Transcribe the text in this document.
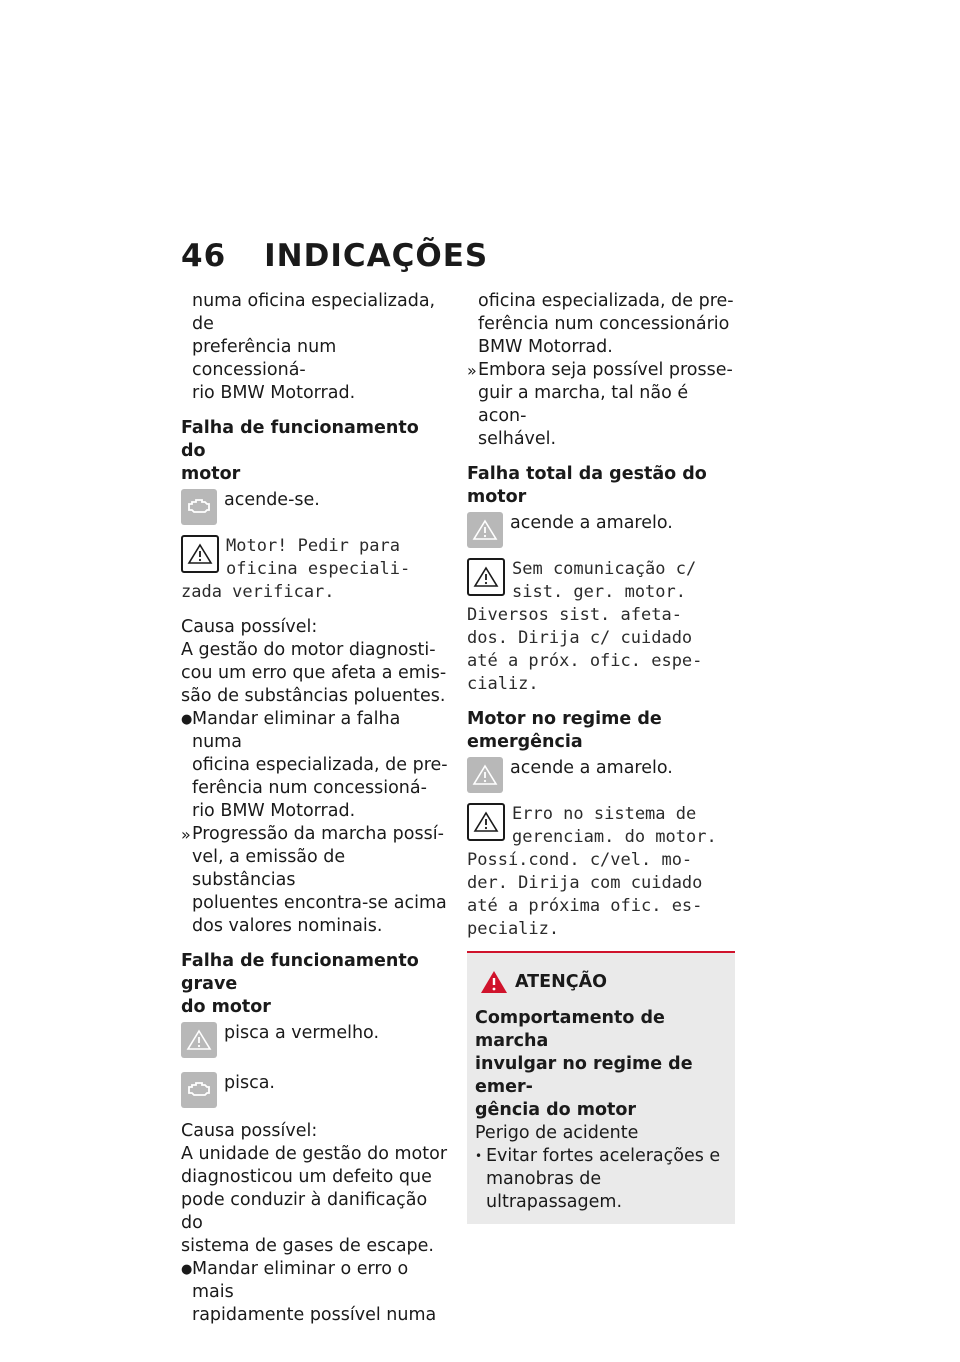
46 INDICAÇÕES

numa oficina especializada, de

preferência num concessioná-

rio BMW Motorrad.

Falha de funcionamento do
motor
acende-se.
Motor! Pedir para
oficina especiali-
zada verificar.

Causa possível:

A gestão do motor diagnosti-

cou um erro que afeta a emis-

são de substâncias poluentes.

● Mandar eliminar a falha numa
oficina especializada, de pre-
ferência num concessioná-
rio BMW Motorrad.
» Progressão da marcha possí-
vel, a emissão de substâncias
poluentes encontra-se acima
dos valores nominais.
Falha de funcionamento grave
do motor
pisca a vermelho.
pisca.

Causa possível:

A unidade de gestão do motor

diagnosticou um defeito que

pode conduzir à danificação do

sistema de gases de escape.

● Mandar eliminar o erro o mais
rapidamente possível numa

oficina especializada, de pre-

ferência num concessionário

BMW Motorrad.

» Embora seja possível prosse-
guir a marcha, tal não é acon-
selhável.
Falha total da gestão do
motor
acende a amarelo.
Sem comunicação c/
sist. ger. motor.
Diversos sist. afeta-
dos. Dirija c/ cuidado
até a próx. ofic. espe-
cializ.
Motor no regime de
emergência
acende a amarelo.
Erro no sistema de
gerenciam. do motor.
Possí.cond. c/vel. mo-
der. Dirija com cuidado
até a próxima ofic. es-
pecializ.
ATENÇÃO
Comportamento de marcha
invulgar no regime de emer-
gência do motor

Perigo de acidente

• Evitar fortes acelerações e
manobras de ultrapassagem.
